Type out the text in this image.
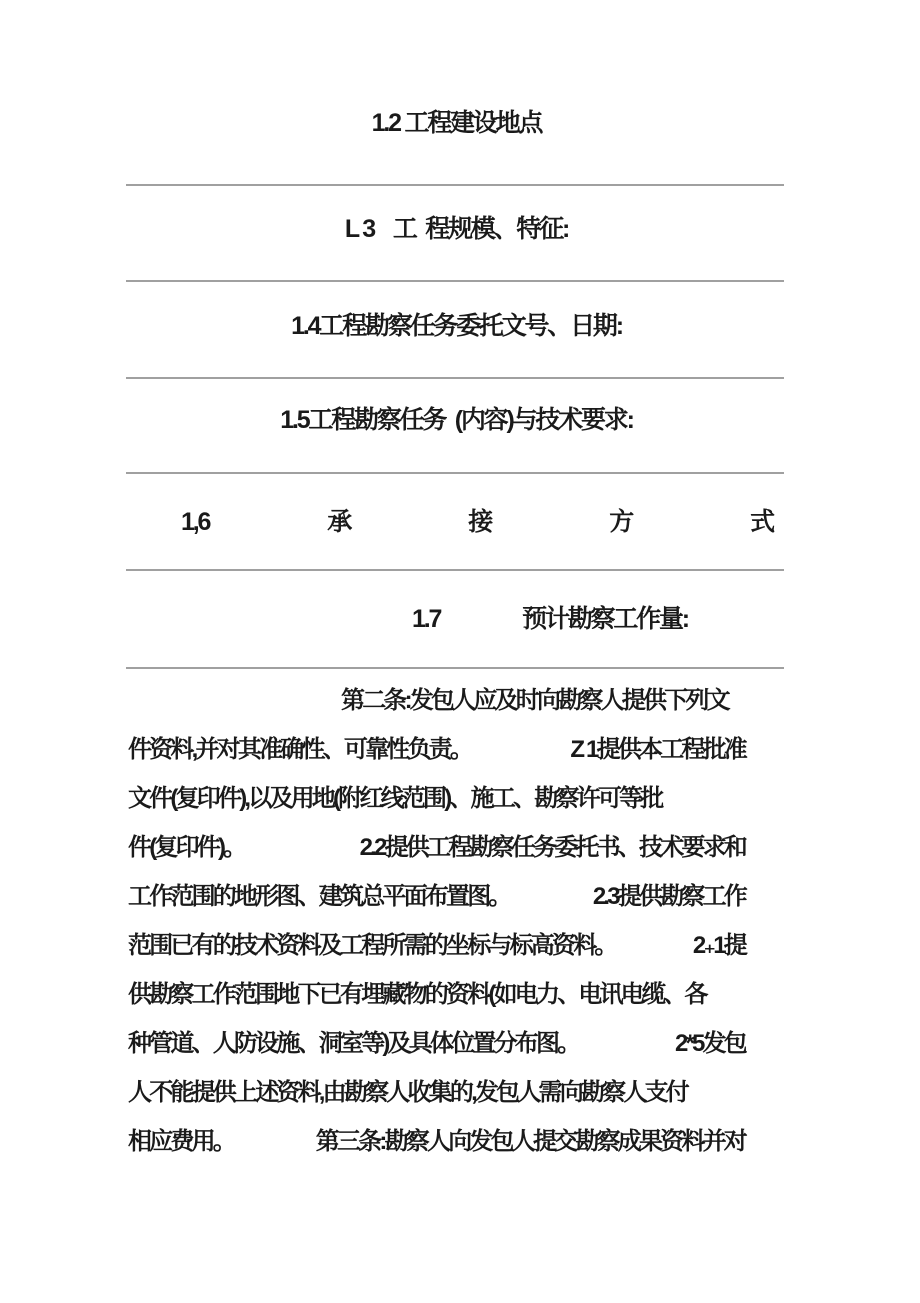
1.2 工程建设地点
L 3    工  程规模、特征:
1.4工程勘察任务委托文号、日期:
1.5工程勘察任务  (内容)与技术要求:
1,6	承	接	方	式
1.7	预计勘察工作量:
第二条:发包人应及时向勘察人提供下列文
件资料,并对其准确性、可靠性负责。	Z 1提供本工程批准
文件(复印件),以及用地(附红线范围)、施工、勘察许可等批
件(复印件)。	2.2提供工程勘察任务委托书、技术要求和
工作范围的地形图、建筑总平面布置图。	2.3提供勘察工作
范围已有的技术资料及工程所需的坐标与标高资料。	2₊1提
供勘察工作范围地下已有埋藏物的资料(如电力、电讯电缆、各
种管道、人防设施、洞室等)及具体位置分布图。	2*5发包
人不能提供上述资料,由勘察人收集的,发包人需向勘察人支付
相应费用。	第三条:勘察人向发包人提交勘察成果资料并对
